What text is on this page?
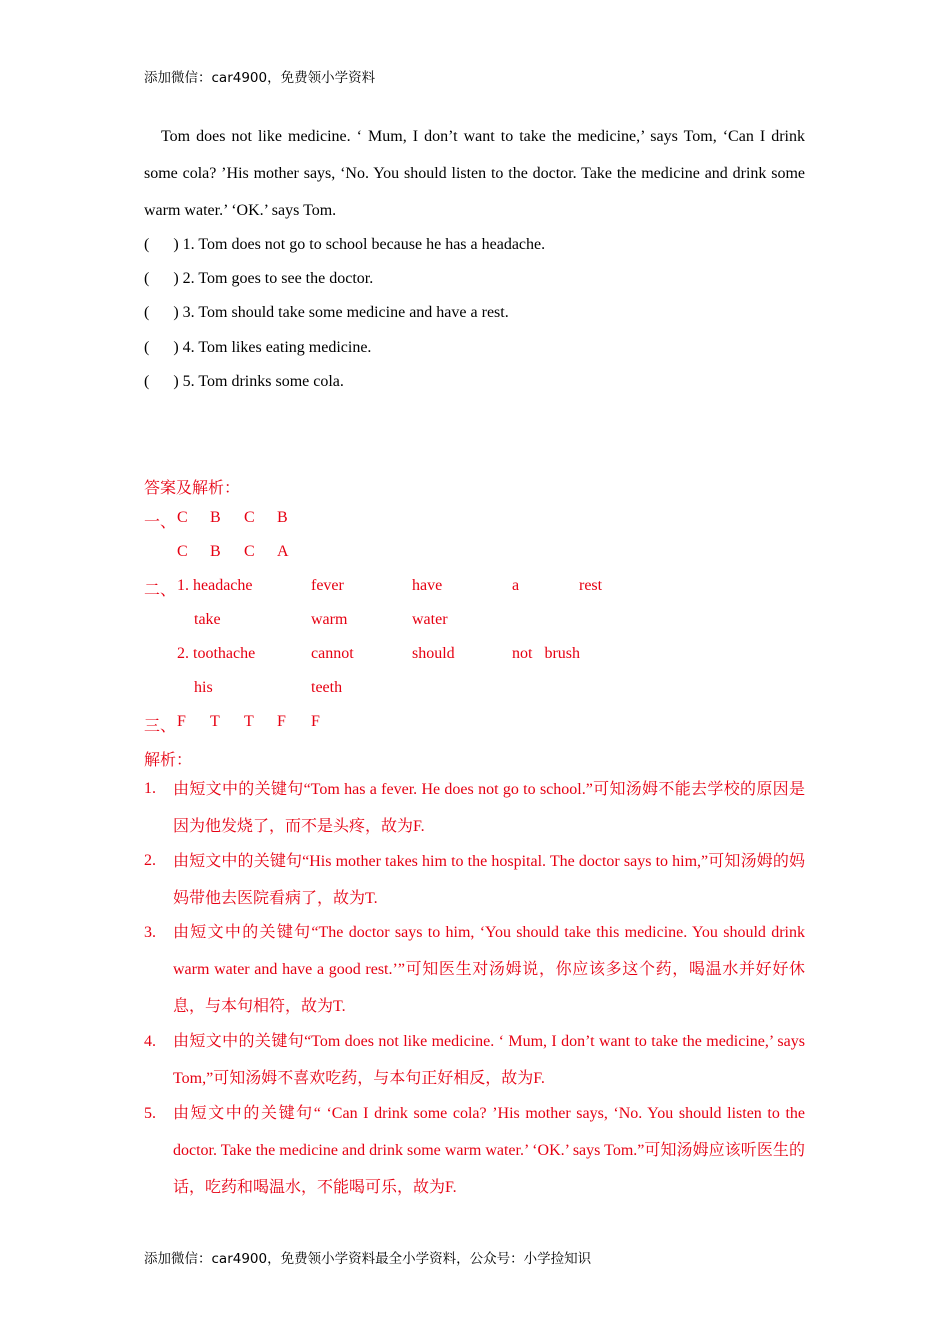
添加微信：car4900，免费领小学资料
Tom does not like medicine. ‘ Mum, I don’t want to take the medicine,’ says Tom, ‘Can I drink some cola? ’His mother says, ‘No. You should listen to the doctor. Take the medicine and drink some warm water.’ ‘OK.’ says Tom.
(      ) 1. Tom does not go to school because he has a headache.
(      ) 2. Tom goes to see the doctor.
(      ) 3. Tom should take some medicine and have a rest.
(      ) 4. Tom likes eating medicine.
(      ) 5. Tom drinks some cola.
答案及解析：
一、 C B C B
C B C A
二、 1. headache	fever	have	a	rest
take	warm	water
2. toothache	cannot	should	not   brush
his	teeth
三、 F T T F F
解析：
1. 由短文中的关键句“Tom has a fever. He does not go to school.”可知汤姆不能去学校的原因是因为他发烧了，而不是头疼，故为F.
2. 由短文中的关键句“His mother takes him to the hospital. The doctor says to him,”可知汤姆的妈妈带他去医院看病了，故为T.
3. 由短文中的关键句“The doctor says to him, ‘You should take this medicine. You should drink warm water and have a good rest.’”可知医生对汤姆说，你应该多这个药，喝温水并好好休息，与本句相符，故为T.
4. 由短文中的关键句“Tom does not like medicine. ‘ Mum, I don’t want to take the medicine,’ says Tom,”可知汤姆不喜欢吃药，与本句正好相反，故为F.
5. 由短文中的关键句“ ‘Can I drink some cola? ’His mother says, ‘No. You should listen to the doctor. Take the medicine and drink some warm water.’ ‘OK.’ says Tom.”可知汤姆应该听医生的话，吃药和喝温水，不能喝可乐，故为F.
添加微信：car4900，免费领小学资料最全小学资料，公众号：小学捡知识
